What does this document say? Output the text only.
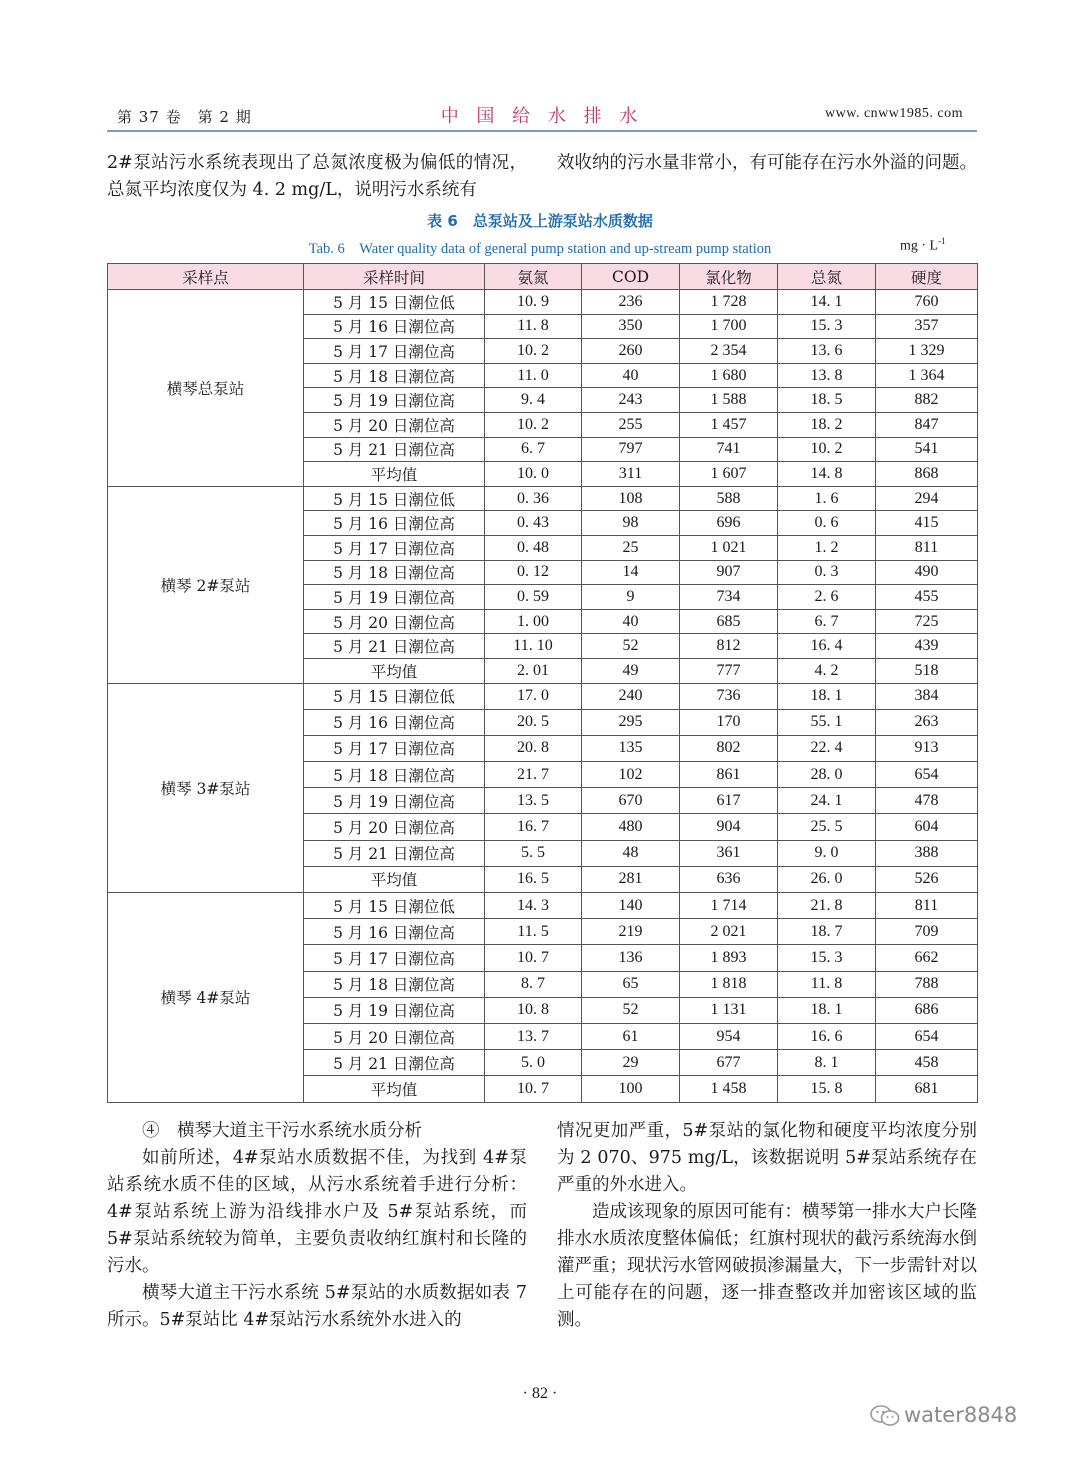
第 37 卷　第 2 期	中 国 给 水 排 水	www. cnww1985. com

2#泵站污水系统表现出了总氮浓度极为偏低的情况，总氮平均浓度仅为 4. 2 mg/L，说明污水系统有

效收纳的污水量非常小，有可能存在污水外溢的问题。

表 6　总泵站及上游泵站水质数据
Tab. 6　Water quality data of general pump station and up-stream pump station	mg · $L^{-1}$
采样点	采样时间	氨氮	COD	氯化物	总氮	硬度
横琴总泵站	5 月 15 日潮位低	10. 9	236	1 728	14. 1	760
	5 月 16 日潮位高	11. 8	350	1 700	15. 3	357
	5 月 17 日潮位高	10. 2	260	2 354	13. 6	1 329
	5 月 18 日潮位高	11. 0	40	1 680	13. 8	1 364
	5 月 19 日潮位高	9. 4	243	1 588	18. 5	882
	5 月 20 日潮位高	10. 2	255	1 457	18. 2	847
	5 月 21 日潮位高	6. 7	797	741	10. 2	541
	平均值	10. 0	311	1 607	14. 8	868
横琴 2#泵站	5 月 15 日潮位低	0. 36	108	588	1. 6	294
	5 月 16 日潮位高	0. 43	98	696	0. 6	415
	5 月 17 日潮位高	0. 48	25	1 021	1. 2	811
	5 月 18 日潮位高	0. 12	14	907	0. 3	490
	5 月 19 日潮位高	0. 59	9	734	2. 6	455
	5 月 20 日潮位高	1. 00	40	685	6. 7	725
	5 月 21 日潮位高	11. 10	52	812	16. 4	439
	平均值	2. 01	49	777	4. 2	518
横琴 3#泵站	5 月 15 日潮位低	17. 0	240	736	18. 1	384
	5 月 16 日潮位高	20. 5	295	170	55. 1	263
	5 月 17 日潮位高	20. 8	135	802	22. 4	913
	5 月 18 日潮位高	21. 7	102	861	28. 0	654
	5 月 19 日潮位高	13. 5	670	617	24. 1	478
	5 月 20 日潮位高	16. 7	480	904	25. 5	604
	5 月 21 日潮位高	5. 5	48	361	9. 0	388
	平均值	16. 5	281	636	26. 0	526
横琴 4#泵站	5 月 15 日潮位低	14. 3	140	1 714	21. 8	811
	5 月 16 日潮位高	11. 5	219	2 021	18. 7	709
	5 月 17 日潮位高	10. 7	136	1 893	15. 3	662
	5 月 18 日潮位高	8. 7	65	1 818	11. 8	788
	5 月 19 日潮位高	10. 8	52	1 131	18. 1	686
	5 月 20 日潮位高	13. 7	61	954	16. 6	654
	5 月 21 日潮位高	5. 0	29	677	8. 1	458
	平均值	10. 7	100	1 458	15. 8	681

④　横琴大道主干污水系统水质分析

如前所述，4#泵站水质数据不佳，为找到 4#泵站系统水质不佳的区域，从污水系统着手进行分析：4#泵站系统上游为沿线排水户及 5#泵站系统，而 5#泵站系统较为简单，主要负责收纳红旗村和长隆的污水。

横琴大道主干污水系统 5#泵站的水质数据如表 7 所示。5#泵站比 4#泵站污水系统外水进入的

情况更加严重，5#泵站的氯化物和硬度平均浓度分别为 2 070、975 mg/L，该数据说明 5#泵站系统存在严重的外水进入。

造成该现象的原因可能有：横琴第一排水大户长隆排水水质浓度整体偏低；红旗村现状的截污系统海水倒灌严重；现状污水管网破损渗漏量大，下一步需针对以上可能存在的问题，逐一排查整改并加密该区域的监测。

· 82 ·
water8848
